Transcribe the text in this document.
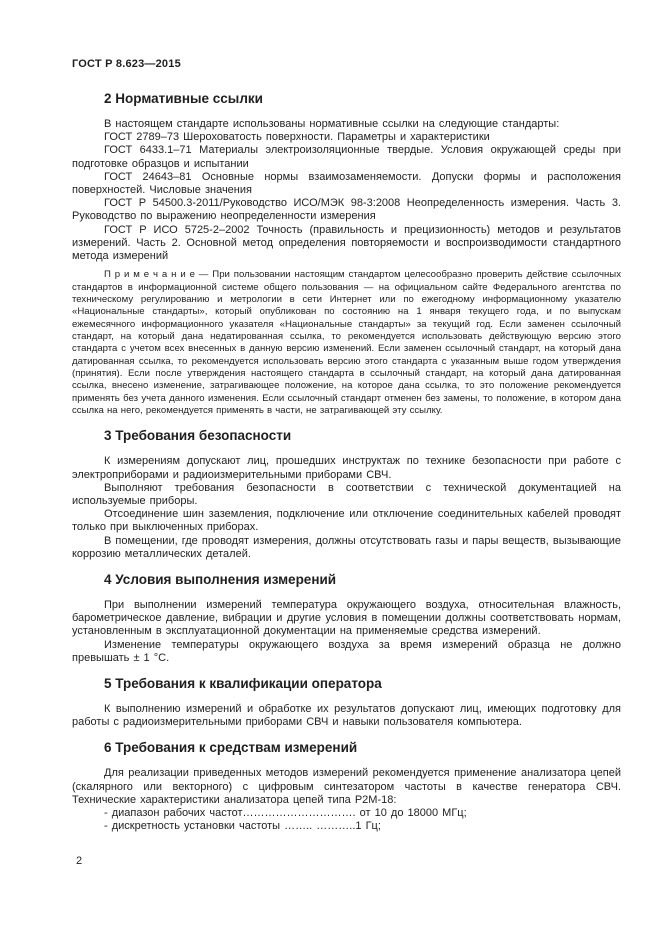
ГОСТ Р 8.623—2015
2 Нормативные ссылки

В настоящем стандарте использованы нормативные ссылки на следующие стандарты:

ГОСТ 2789–73 Шероховатость поверхности. Параметры и характеристики

ГОСТ 6433.1–71 Материалы электроизоляционные твердые. Условия окружающей среды при подготовке образцов и испытании

ГОСТ 24643–81 Основные нормы взаимозаменяемости. Допуски формы и расположения поверхностей. Числовые значения

ГОСТ Р 54500.3-2011/Руководство ИСО/МЭК 98-3:2008 Неопределенность измерения. Часть 3. Руководство по выражению неопределенности измерения

ГОСТ Р ИСО 5725-2–2002 Точность (правильность и прецизионность) методов и результатов измерений. Часть 2. Основной метод определения повторяемости и воспроизводимости стандартного метода измерений

П р и м е ч а н и е — При пользовании настоящим стандартом целесообразно проверить действие ссылочных стандартов в информационной системе общего пользования — на официальном сайте Федерального агентства по техническому регулированию и метрологии в сети Интернет или по ежегодному информационному указателю «Национальные стандарты», который опубликован по состоянию на 1 января текущего года, и по выпускам ежемесячного информационного указателя «Национальные стандарты» за текущий год. Если заменен ссылочный стандарт, на который дана недатированная ссылка, то рекомендуется использовать действующую версию этого стандарта с учетом всех внесенных в данную версию изменений. Если заменен ссылочный стандарт, на который дана датированная ссылка, то рекомендуется использовать версию этого стандарта с указанным выше годом утверждения (принятия). Если после утверждения настоящего стандарта в ссылочный стандарт, на который дана датированная ссылка, внесено изменение, затрагивающее положение, на которое дана ссылка, то это положение рекомендуется применять без учета данного изменения. Если ссылочный стандарт отменен без замены, то положение, в котором дана ссылка на него, рекомендуется применять в части, не затрагивающей эту ссылку.

3 Требования безопасности

К измерениям допускают лиц, прошедших инструктаж по технике безопасности при работе с электроприборами и радиоизмерительными приборами СВЧ.

Выполняют требования безопасности в соответствии с технической документацией на используемые приборы.

Отсоединение шин заземления, подключение или отключение соединительных кабелей проводят только при выключенных приборах.

В помещении, где проводят измерения, должны отсутствовать газы и пары веществ, вызывающие коррозию металлических деталей.

4 Условия выполнения измерений

При выполнении измерений температура окружающего воздуха, относительная влажность, барометрическое давление, вибрации и другие условия в помещении должны соответствовать нормам, установленным в эксплуатационной документации на применяемые средства измерений.

Изменение температуры окружающего воздуха за время измерений образца не должно превышать ± 1 °С.

5 Требования к квалификации оператора

К выполнению измерений и обработке их результатов допускают лиц, имеющих подготовку для работы с радиоизмерительными приборами СВЧ и навыки пользователя компьютера.

6 Требования к средствам измерений

Для реализации приведенных методов измерений рекомендуется применение анализатора цепей (скалярного или векторного) с цифровым синтезатором частоты в качестве генератора СВЧ. Технические характеристики анализатора цепей типа Р2М-18:

- диапазон рабочих частот…………………………. от 10 до 18000 МГц;

- дискретность установки частоты …….. ………..1 Гц;

2
